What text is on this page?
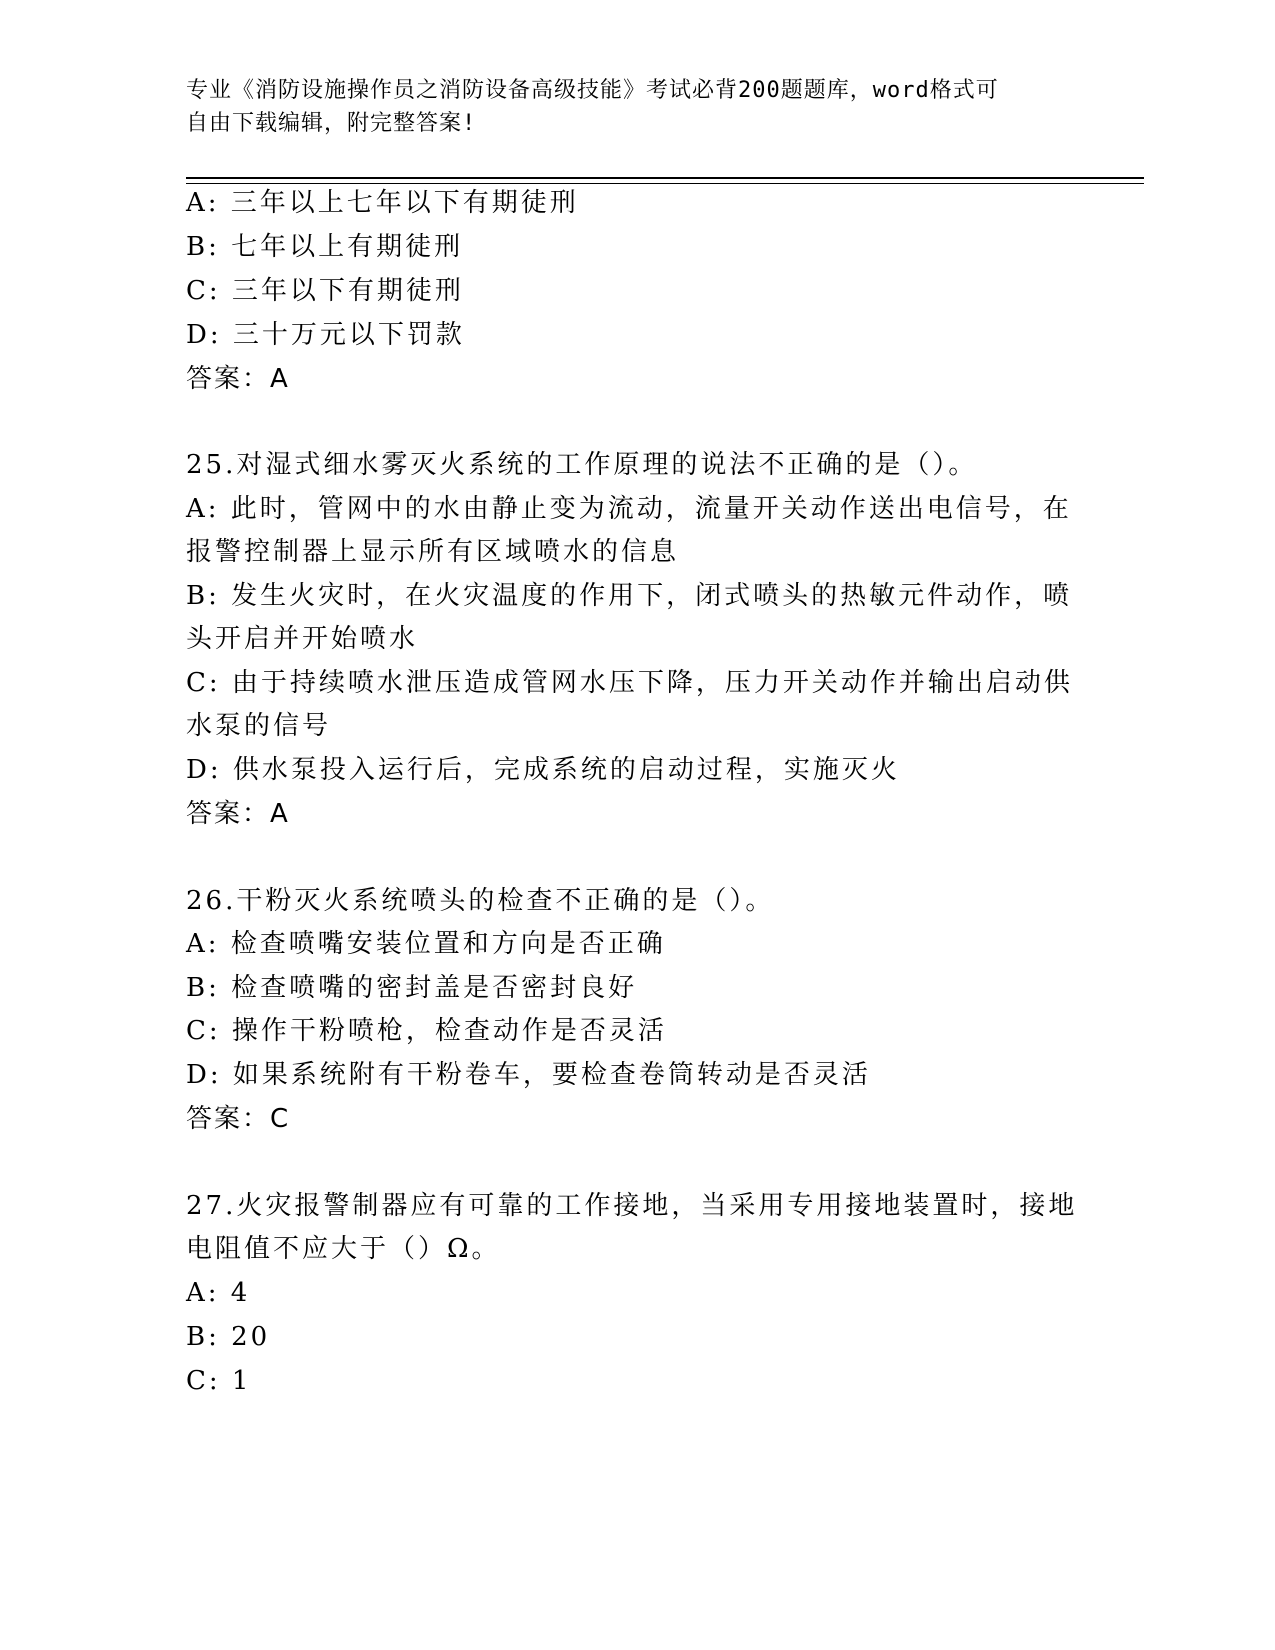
专业《消防设施操作员之消防设备高级技能》考试必背200题题库，word格式可
自由下载编辑，附完整答案!
A: 三年以上七年以下有期徒刑
B: 七年以上有期徒刑
C: 三年以下有期徒刑
D: 三十万元以下罚款
答案：A
25.对湿式细水雾灭火系统的工作原理的说法不正确的是（）。
A: 此时，管网中的水由静止变为流动，流量开关动作送出电信号，在
报警控制器上显示所有区域喷水的信息
B: 发生火灾时，在火灾温度的作用下，闭式喷头的热敏元件动作，喷
头开启并开始喷水
C: 由于持续喷水泄压造成管网水压下降，压力开关动作并输出启动供
水泵的信号
D: 供水泵投入运行后，完成系统的启动过程，实施灭火
答案：A
26.干粉灭火系统喷头的检查不正确的是（）。
A: 检查喷嘴安装位置和方向是否正确
B: 检查喷嘴的密封盖是否密封良好
C: 操作干粉喷枪，检查动作是否灵活
D: 如果系统附有干粉卷车，要检查卷筒转动是否灵活
答案：C
27.火灾报警制器应有可靠的工作接地，当采用专用接地装置时，接地
电阻值不应大于（）Ω。
A: 4
B: 20
C: 1
